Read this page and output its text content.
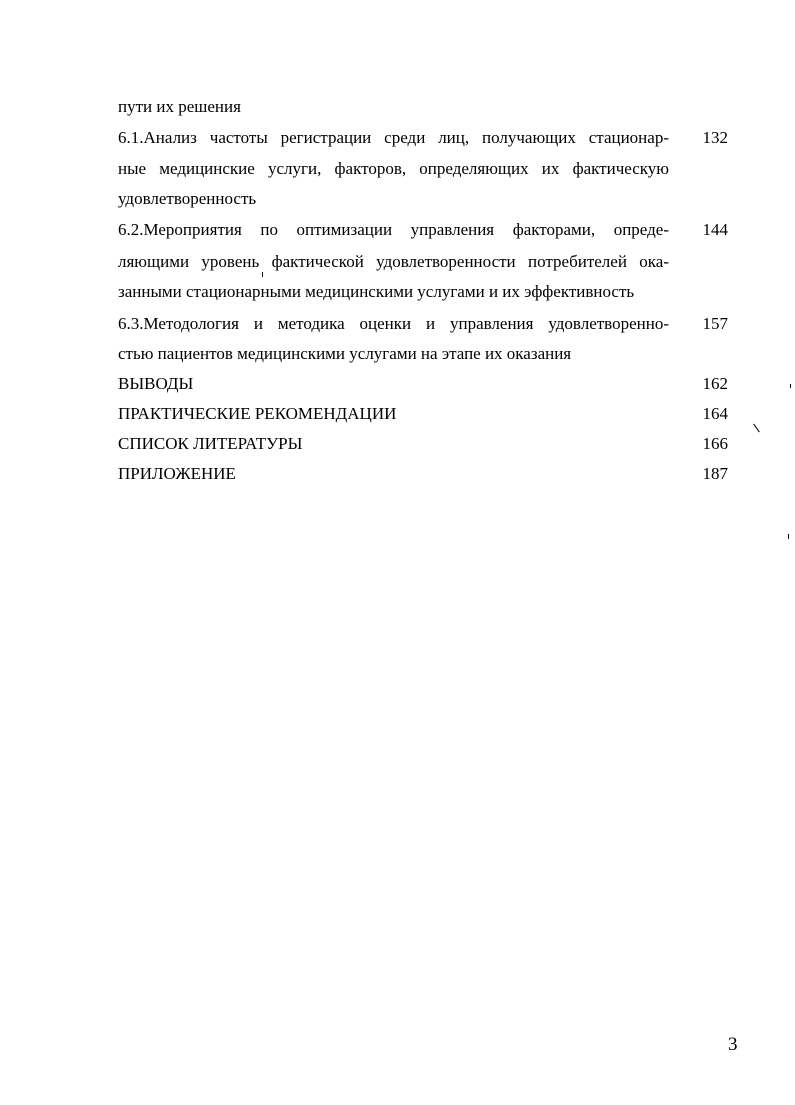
пути их решения
6.1.Анализ частоты регистрации среди лиц, получающих стационар- 132
ные медицинские услуги, факторов, определяющих их фактическую
удовлетворенность
6.2.Мероприятия по оптимизации управления факторами, опреде- 144
ляющими уровень фактической удовлетворенности потребителей ока-
занными стационарными медицинскими услугами и их эффективность
6.3.Методология и методика оценки и управления удовлетворенно- 157
стью пациентов медицинскими услугами на этапе их оказания
ВЫВОДЫ	162
ПРАКТИЧЕСКИЕ РЕКОМЕНДАЦИИ	164
СПИСОК ЛИТЕРАТУРЫ	166
ПРИЛОЖЕНИЕ	187
3
